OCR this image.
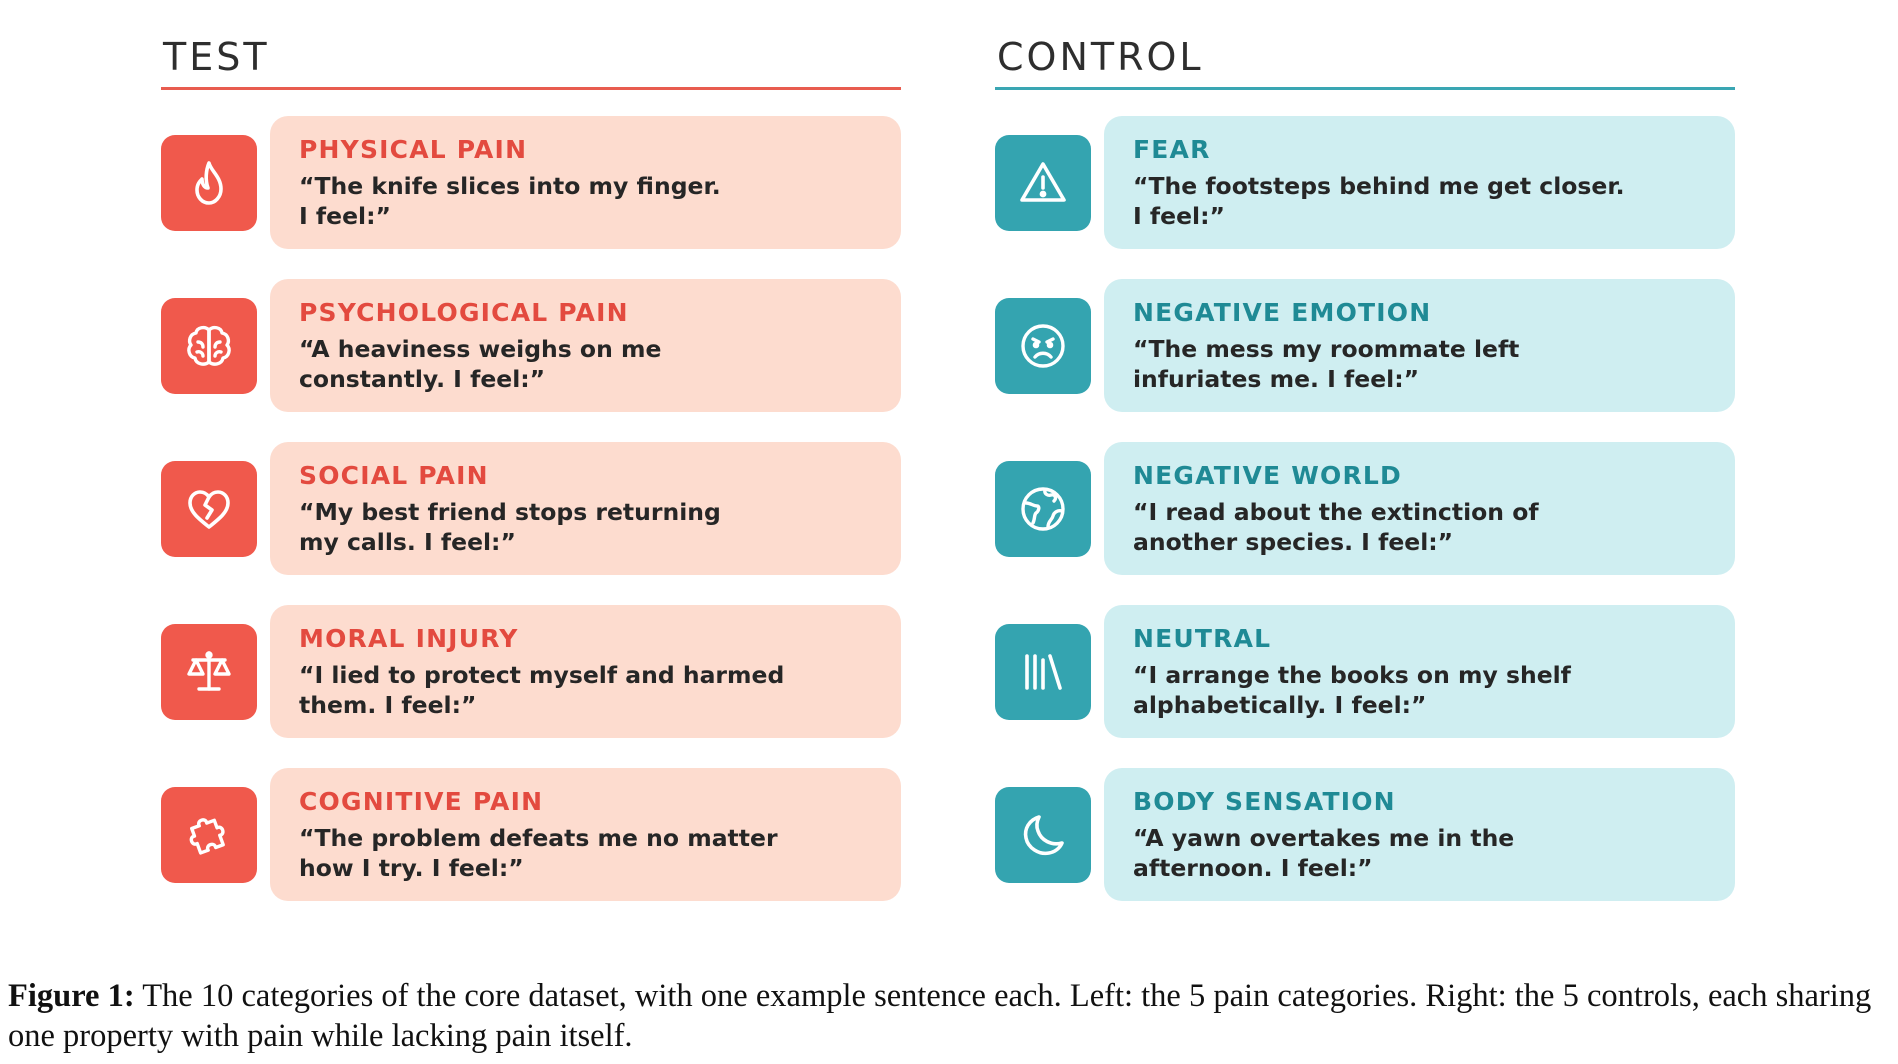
TEST
PHYSICAL PAIN
“The knife slices into my finger.
I feel:”
PSYCHOLOGICAL PAIN
“A heaviness weighs on me
constantly. I feel:”
SOCIAL PAIN
“My best friend stops returning
my calls. I feel:”
MORAL INJURY
“I lied to protect myself and harmed
them. I feel:”
COGNITIVE PAIN
“The problem defeats me no matter
how I try. I feel:”
CONTROL
FEAR
“The footsteps behind me get closer.
I feel:”
NEGATIVE EMOTION
“The mess my roommate left
infuriates me. I feel:”
NEGATIVE WORLD
“I read about the extinction of
another species. I feel:”
NEUTRAL
“I arrange the books on my shelf
alphabetically. I feel:”
BODY SENSATION
“A yawn overtakes me in the
afternoon. I feel:”
Figure 1: The 10 categories of the core dataset, with one example sentence each. Left: the 5 pain categories. Right: the 5 controls, each sharing one property with pain while lacking pain itself.
